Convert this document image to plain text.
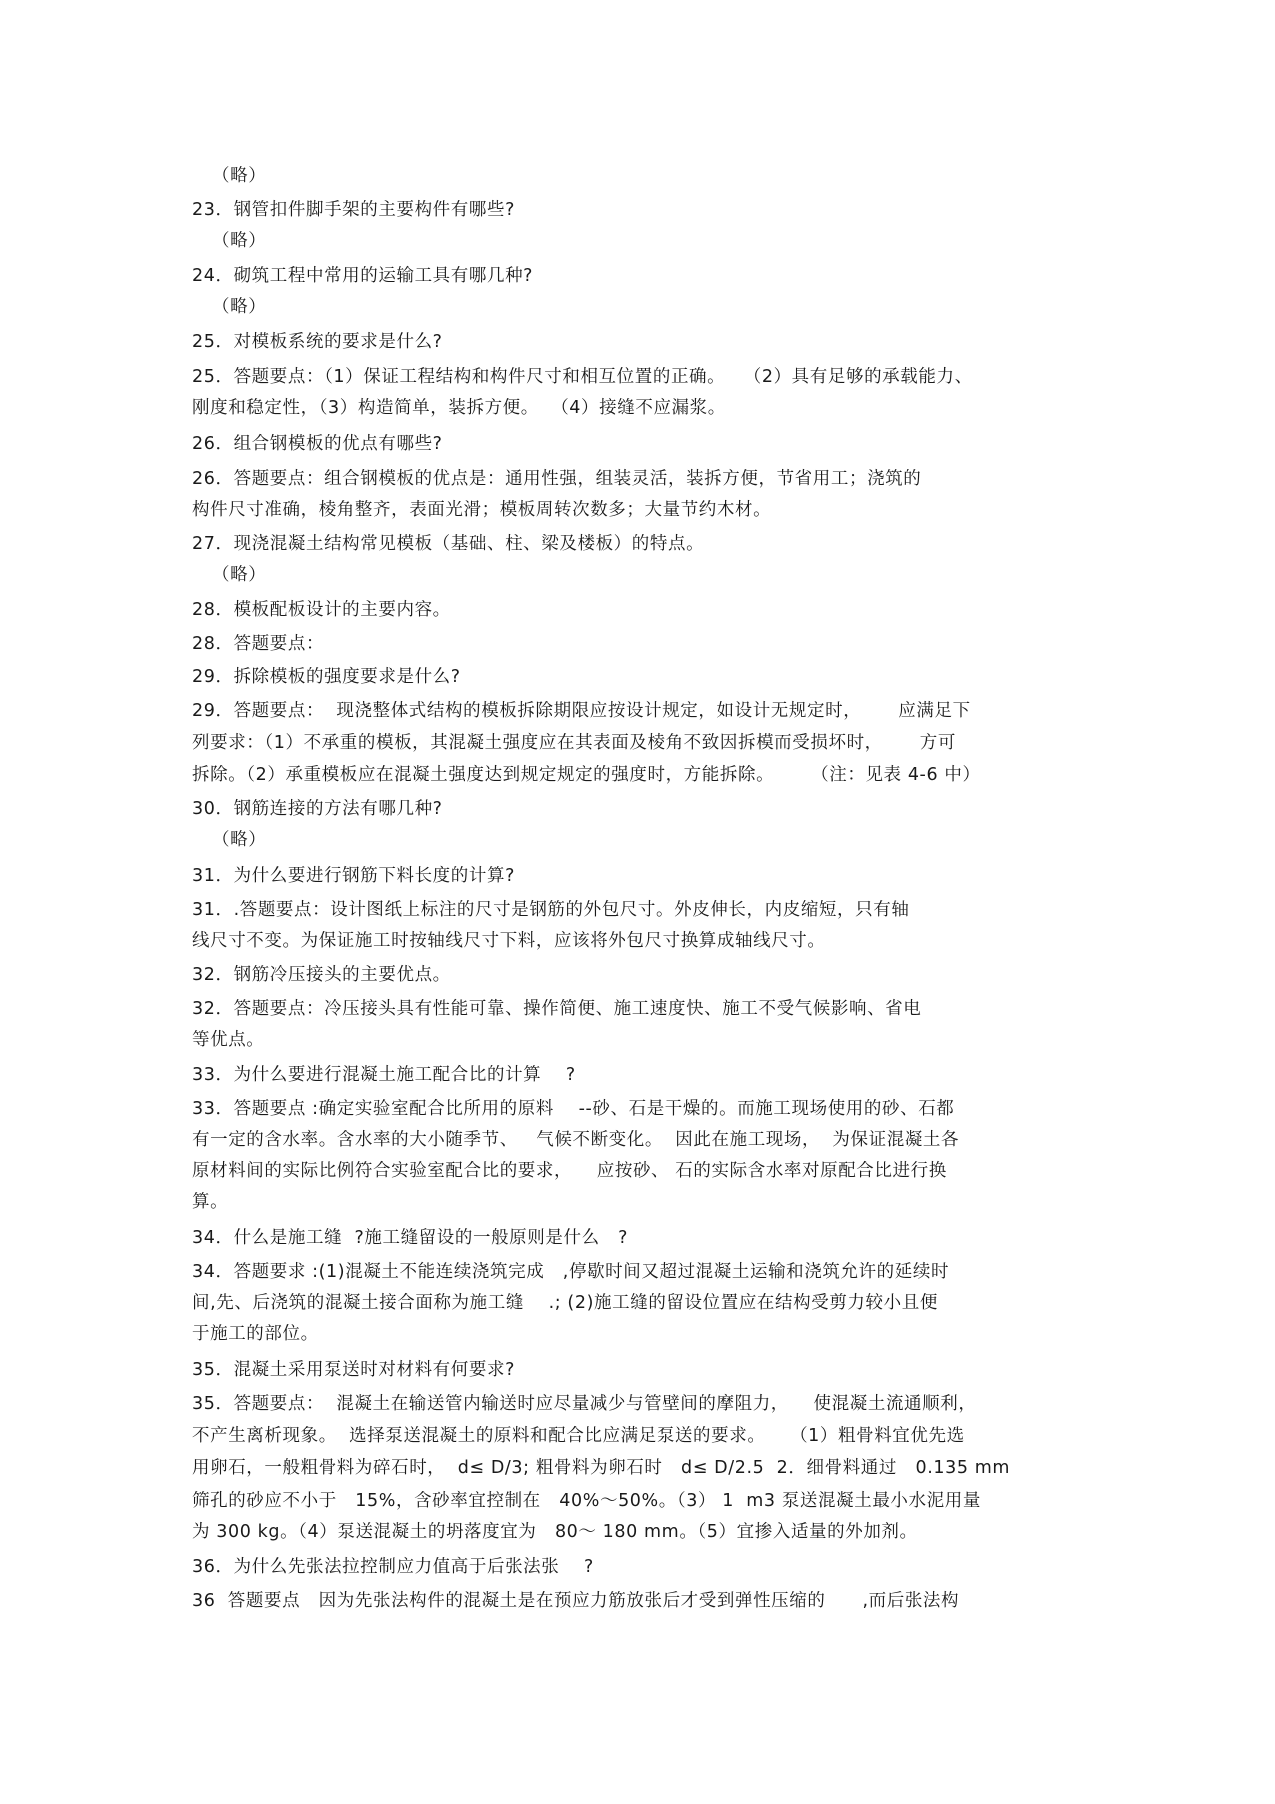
（略）
23．钢管扣件脚手架的主要构件有哪些?
（略）
24．砌筑工程中常用的运输工具有哪几种?
（略）
25．对模板系统的要求是什么?
25．答题要点：（1）保证工程结构和构件尺寸和相互位置的正确。   （2）具有足够的承载能力、
刚度和稳定性，（3）构造简单，装拆方便。  （4）接缝不应漏浆。
26．组合钢模板的优点有哪些?
26．答题要点：组合钢模板的优点是：通用性强，组装灵活，装拆方便，节省用工；浇筑的
构件尺寸准确，棱角整齐，表面光滑；模板周转次数多；大量节约木材。
27．现浇混凝土结构常见模板（基础、柱、梁及楼板）的特点。
（略）
28．模板配板设计的主要内容。
28．答题要点：
29．拆除模板的强度要求是什么?
29．答题要点：  现浇整体式结构的模板拆除期限应按设计规定，如设计无规定时，      应满足下
列要求：（1）不承重的模板，其混凝土强度应在其表面及棱角不致因拆模而受损坏时，      方可
拆除。（2）承重模板应在混凝土强度达到规定规定的强度时，方能拆除。      （注：见表 4-6 中）
30．钢筋连接的方法有哪几种?
（略）
31．为什么要进行钢筋下料长度的计算?
31．.答题要点：设计图纸上标注的尺寸是钢筋的外包尺寸。外皮伸长，内皮缩短，只有轴
线尺寸不变。为保证施工时按轴线尺寸下料，应该将外包尺寸换算成轴线尺寸。
32．钢筋冷压接头的主要优点。
32．答题要点：冷压接头具有性能可靠、操作简便、施工速度快、施工不受气候影响、省电
等优点。
33．为什么要进行混凝土施工配合比的计算    ?
33．答题要点 :确定实验室配合比所用的原料    --砂、石是干燥的。而施工现场使用的砂、石都
有一定的含水率。含水率的大小随季节、   气候不断变化。  因此在施工现场，  为保证混凝土各
原材料间的实际比例符合实验室配合比的要求，    应按砂、 石的实际含水率对原配合比进行换
算。
34．什么是施工缝  ?施工缝留设的一般原则是什么   ?
34．答题要求 :(1)混凝土不能连续浇筑完成   ,停歇时间又超过混凝土运输和浇筑允许的延续时
间,先、后浇筑的混凝土接合面称为施工缝    .; (2)施工缝的留设位置应在结构受剪力较小且便
于施工的部位。
35．混凝土采用泵送时对材料有何要求?
35．答题要点：  混凝土在输送管内输送时应尽量减少与管壁间的摩阻力，    使混凝土流通顺利，
不产生离析现象。  选择泵送混凝土的原料和配合比应满足泵送的要求。    （1）粗骨料宜优先选
用卵石，一般粗骨料为碎石时，  d≤ D/3; 粗骨料为卵石时   d≤ D/2.5  2．细骨料通过   0.135 mm
筛孔的砂应不小于   15%，含砂率宜控制在   40%～50%。（3） 1  m3 泵送混凝土最小水泥用量
为 300 kg。（4）泵送混凝土的坍落度宜为   80～ 180 mm。（5）宜掺入适量的外加剂。
36．为什么先张法拉控制应力值高于后张法张    ?
36  答题要点   因为先张法构件的混凝土是在预应力筋放张后才受到弹性压缩的      ,而后张法构
